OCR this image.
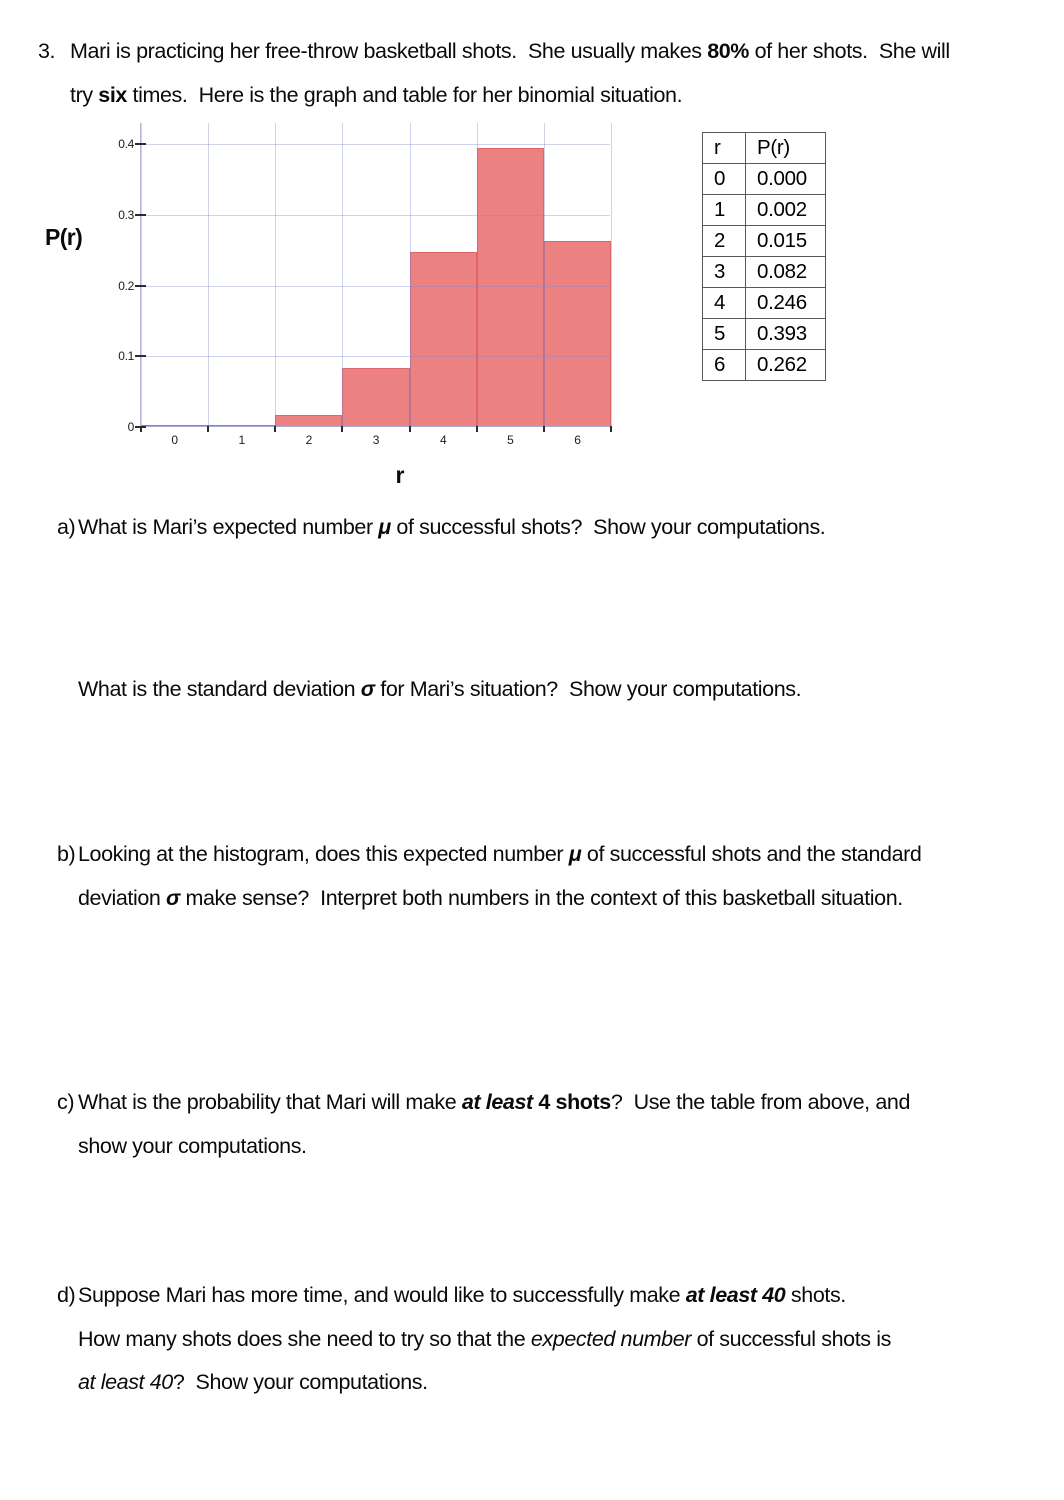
3. Mari is practicing her free-throw basketball shots.  She usually makes 80% of her shots.  She will
try six times.  Here is the graph and table for her binomial situation.
P(r)
0
0.1
0.2
0.3
0.4
0	1	2	3	4	5	6
r
r	P(r)
0	0.000
1	0.002
2	0.015
3	0.082
4	0.246
5	0.393
6	0.262
a) What is Mari’s expected number μ of successful shots?  Show your computations.
What is the standard deviation σ for Mari’s situation?  Show your computations.
b) Looking at the histogram, does this expected number μ of successful shots and the standard
deviation σ make sense?  Interpret both numbers in the context of this basketball situation.
c) What is the probability that Mari will make at least 4 shots?  Use the table from above, and
show your computations.
d) Suppose Mari has more time, and would like to successfully make at least 40 shots.
How many shots does she need to try so that the expected number of successful shots is
at least 40?  Show your computations.
